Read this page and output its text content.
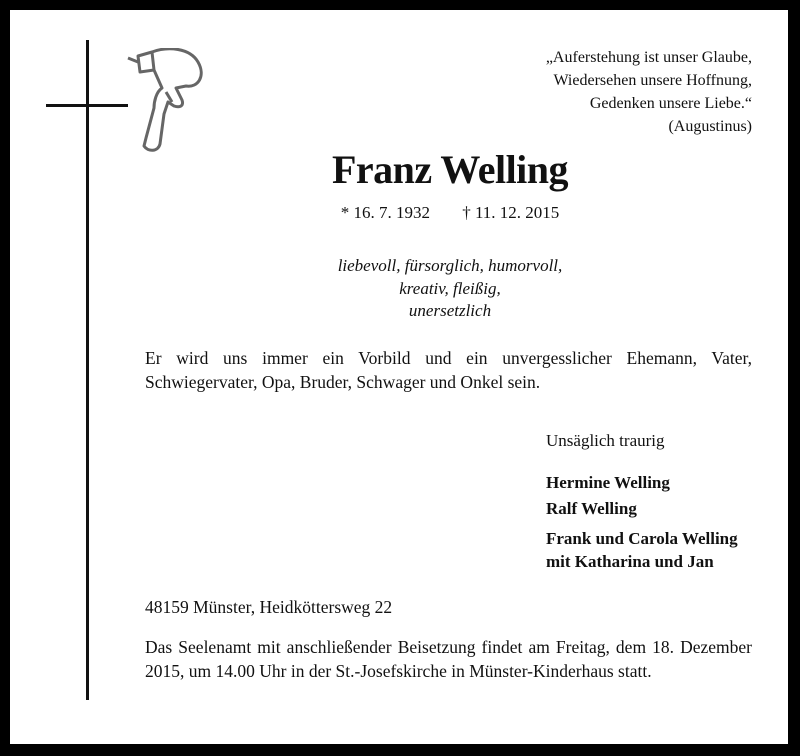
„Auferstehung ist unser Glaube,
Wiedersehen unsere Hoffnung,
Gedenken unsere Liebe.“
(Augustinus)
Franz Welling
* 16. 7. 1932 † 11. 12. 2015
liebevoll, fürsorglich, humorvoll,
kreativ, fleißig,
unersetzlich
Er wird uns immer ein Vorbild und ein unvergesslicher Ehemann, Vater, Schwiegervater, Opa, Bruder, Schwager und Onkel sein.
Unsäglich traurig
Hermine Welling
Ralf Welling
Frank und Carola Welling
mit Katharina und Jan
48159 Münster, Heidköttersweg 22
Das Seelenamt mit anschließender Beisetzung findet am Freitag, dem 18. Dezember 2015, um 14.00 Uhr in der St.-Josefskirche in Münster-Kinderhaus statt.
